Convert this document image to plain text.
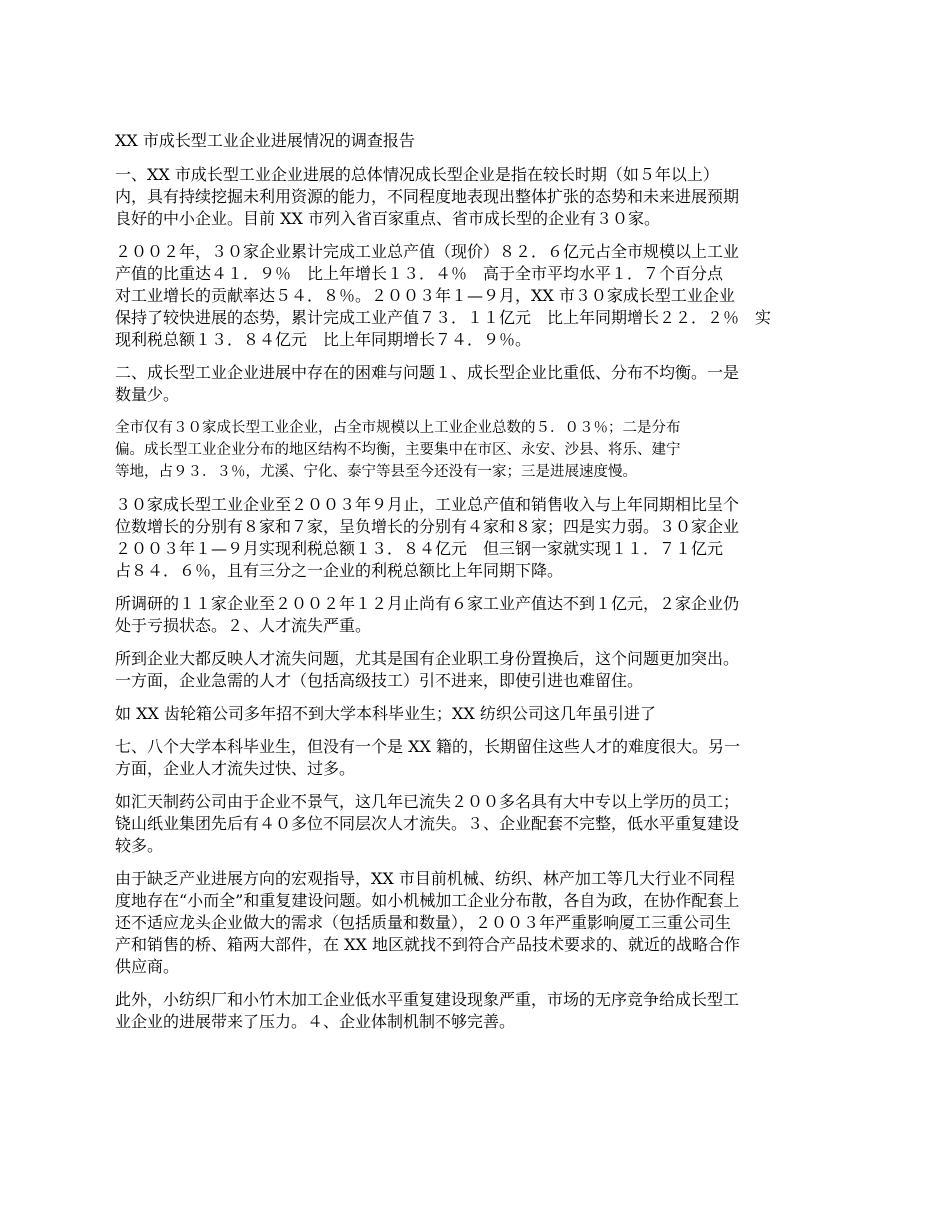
XX 市成长型工业企业进展情况的调查报告
一、XX 市成长型工业企业进展的总体情况成长型企业是指在较长时期（如５年以上）
内，具有持续挖掘未利用资源的能力，不同程度地表现出整体扩张的态势和未来进展预期
良好的中小企业。目前 XX 市列入省百家重点、省市成长型的企业有３０家。
２００２年，３０家企业累计完成工业总产值（现价）８２．６亿元占全市规模以上工业
产值的比重达４１．９％　比上年增长１３．４％　高于全市平均水平１．７个百分点
对工业增长的贡献率达５４．８％。２００３年１—９月，XX 市３０家成长型工业企业
保持了较快进展的态势，累计完成工业产值７３．１１亿元　比上年同期增长２２．２％　实
现利税总额１３．８４亿元　比上年同期增长７４．９％。
二、成长型工业企业进展中存在的困难与问题１、成长型企业比重低、分布不均衡。一是
数量少。
全市仅有３０家成长型工业企业，占全市规模以上工业企业总数的５．０３％；二是分布
偏。成长型工业企业分布的地区结构不均衡，主要集中在市区、永安、沙县、将乐、建宁
等地，占９３．３％，尤溪、宁化、泰宁等县至今还没有一家；三是进展速度慢。
３０家成长型工业企业至２００３年９月止，工业总产值和销售收入与上年同期相比呈个
位数增长的分别有８家和７家，呈负增长的分别有４家和８家；四是实力弱。３０家企业
２００３年１—９月实现利税总额１３．８４亿元　但三钢一家就实现１１．７１亿元
占８４．６％，且有三分之一企业的利税总额比上年同期下降。
所调研的１１家企业至２００２年１２月止尚有６家工业产值达不到１亿元，２家企业仍
处于亏损状态。２、人才流失严重。
所到企业大都反映人才流失问题，尤其是国有企业职工身份置换后，这个问题更加突出。
一方面，企业急需的人才（包括高级技工）引不进来，即使引进也难留住。
如 XX 齿轮箱公司多年招不到大学本科毕业生；XX 纺织公司这几年虽引进了
七、八个大学本科毕业生，但没有一个是 XX 籍的，长期留住这些人才的难度很大。另一
方面，企业人才流失过快、过多。
如汇天制药公司由于企业不景气，这几年已流失２００多名具有大中专以上学历的员工；
铙山纸业集团先后有４０多位不同层次人才流失。３、企业配套不完整，低水平重复建设
较多。
由于缺乏产业进展方向的宏观指导，XX 市目前机械、纺织、林产加工等几大行业不同程
度地存在“小而全”和重复建设问题。如小机械加工企业分布散，各自为政，在协作配套上
还不适应龙头企业做大的需求（包括质量和数量），２００３年严重影响厦工三重公司生
产和销售的桥、箱两大部件，在 XX 地区就找不到符合产品技术要求的、就近的战略合作
供应商。
此外，小纺织厂和小竹木加工企业低水平重复建设现象严重，市场的无序竞争给成长型工
业企业的进展带来了压力。４、企业体制机制不够完善。
